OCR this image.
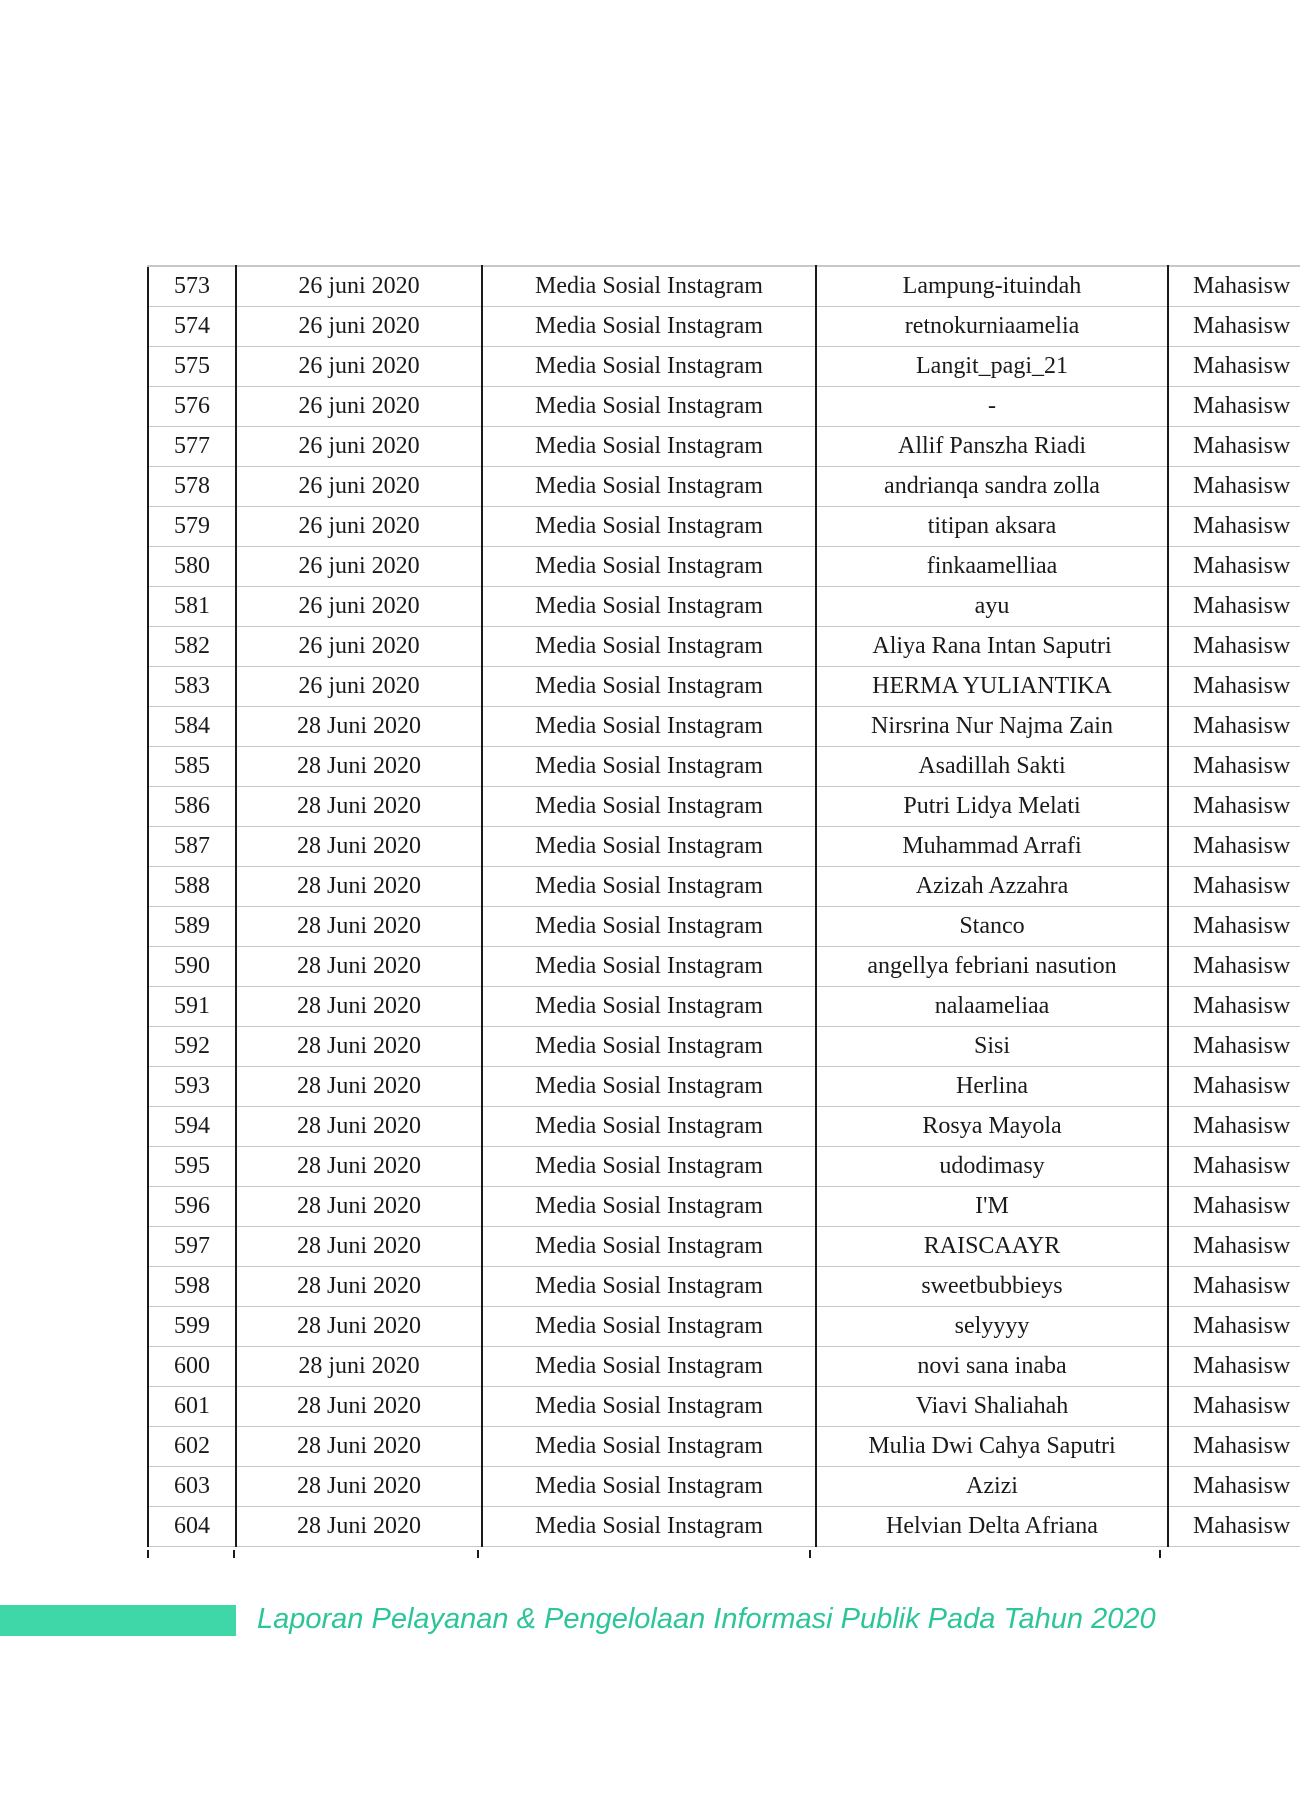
573	26 juni 2020	Media Sosial Instagram	Lampung-ituindah	Mahasisw
574	26 juni 2020	Media Sosial Instagram	retnokurniaamelia	Mahasisw
575	26 juni 2020	Media Sosial Instagram	Langit_pagi_21	Mahasisw
576	26 juni 2020	Media Sosial Instagram	-	Mahasisw
577	26 juni 2020	Media Sosial Instagram	Allif Panszha Riadi	Mahasisw
578	26 juni 2020	Media Sosial Instagram	andrianqa sandra zolla	Mahasisw
579	26 juni 2020	Media Sosial Instagram	titipan aksara	Mahasisw
580	26 juni 2020	Media Sosial Instagram	finkaamelliaa	Mahasisw
581	26 juni 2020	Media Sosial Instagram	ayu	Mahasisw
582	26 juni 2020	Media Sosial Instagram	Aliya Rana Intan Saputri	Mahasisw
583	26 juni 2020	Media Sosial Instagram	HERMA YULIANTIKA	Mahasisw
584	28 Juni 2020	Media Sosial Instagram	Nirsrina Nur Najma Zain	Mahasisw
585	28 Juni 2020	Media Sosial Instagram	Asadillah Sakti	Mahasisw
586	28 Juni 2020	Media Sosial Instagram	Putri Lidya Melati	Mahasisw
587	28 Juni 2020	Media Sosial Instagram	Muhammad Arrafi	Mahasisw
588	28 Juni 2020	Media Sosial Instagram	Azizah Azzahra	Mahasisw
589	28 Juni 2020	Media Sosial Instagram	Stanco	Mahasisw
590	28 Juni 2020	Media Sosial Instagram	angellya febriani nasution	Mahasisw
591	28 Juni 2020	Media Sosial Instagram	nalaameliaa	Mahasisw
592	28 Juni 2020	Media Sosial Instagram	Sisi	Mahasisw
593	28 Juni 2020	Media Sosial Instagram	Herlina	Mahasisw
594	28 Juni 2020	Media Sosial Instagram	Rosya Mayola	Mahasisw
595	28 Juni 2020	Media Sosial Instagram	udodimasy	Mahasisw
596	28 Juni 2020	Media Sosial Instagram	I'M	Mahasisw
597	28 Juni 2020	Media Sosial Instagram	RAISCAAYR	Mahasisw
598	28 Juni 2020	Media Sosial Instagram	sweetbubbieys	Mahasisw
599	28 Juni 2020	Media Sosial Instagram	selyyyy	Mahasisw
600	28 juni 2020	Media Sosial Instagram	novi sana inaba	Mahasisw
601	28 Juni 2020	Media Sosial Instagram	Viavi Shaliahah	Mahasisw
602	28 Juni 2020	Media Sosial Instagram	Mulia Dwi Cahya Saputri	Mahasisw
603	28 Juni 2020	Media Sosial Instagram	Azizi	Mahasisw
604	28 Juni 2020	Media Sosial Instagram	Helvian Delta Afriana	Mahasisw
Laporan Pelayanan & Pengelolaan Informasi Publik Pada Tahun 2020
